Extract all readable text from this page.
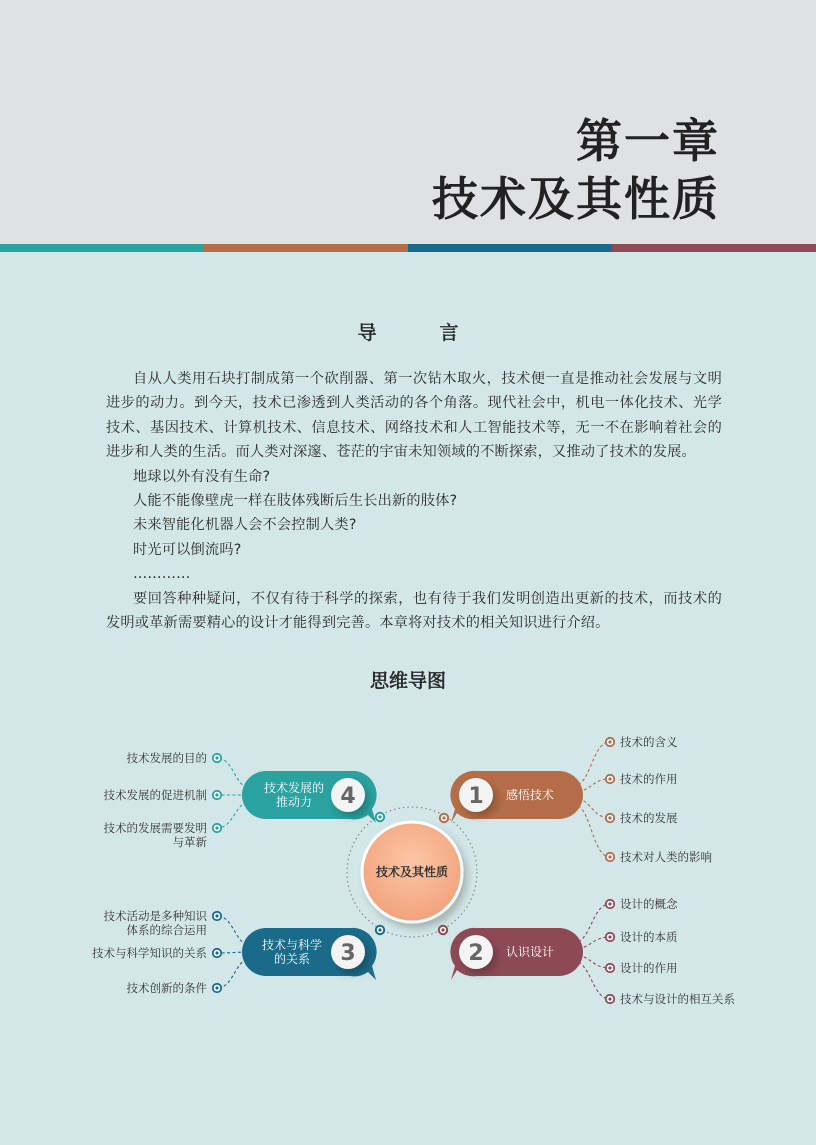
第一章
技术及其性质
导　言

自从人类用石块打制成第一个砍削器、第一次钻木取火，技术便一直是推动社会发展与文明进步的动力。到今天，技术已渗透到人类活动的各个角落。现代社会中，机电一体化技术、光学技术、基因技术、计算机技术、信息技术、网络技术和人工智能技术等，无一不在影响着社会的进步和人类的生活。而人类对深邃、苍茫的宇宙未知领域的不断探索，又推动了技术的发展。

地球以外有没有生命?

人能不能像壁虎一样在肢体残断后生长出新的肢体?

未来智能化机器人会不会控制人类?

时光可以倒流吗?

…………

要回答种种疑问，不仅有待于科学的探索，也有待于我们发明创造出更新的技术，而技术的发明或革新需要精心的设计才能得到完善。本章将对技术的相关知识进行介绍。

思维导图
技术及其性质
1 感悟技术
技术的含义
技术的作用
技术的发展
技术对人类的影响
2 认识设计
设计的概念
设计的本质
设计的作用
技术与设计的相互关系
3
技术与科学
的关系
技术活动是多种知识
体系的综合运用
技术与科学知识的关系
技术创新的条件
4
技术发展的
推动力
技术发展的目的
技术发展的促进机制
技术的发展需要发明
与革新
